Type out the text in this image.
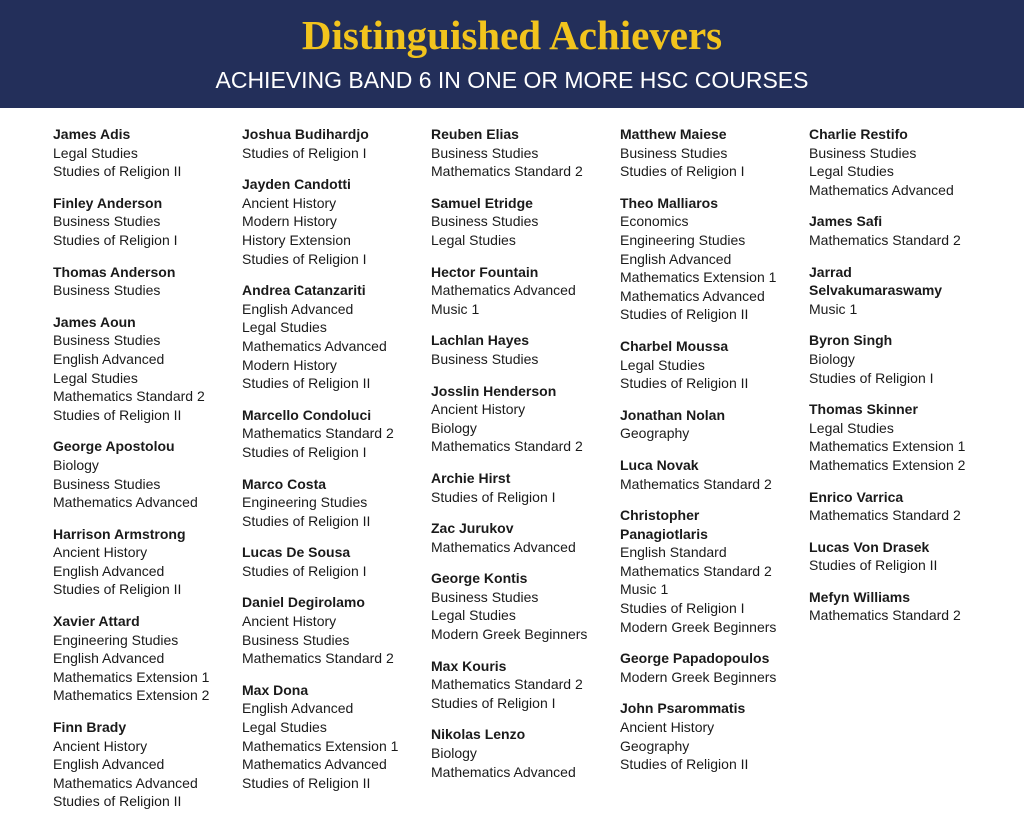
Distinguished Achievers
ACHIEVING BAND 6 IN ONE OR MORE HSC COURSES
James Adis
Legal Studies
Studies of Religion II
Finley Anderson
Business Studies
Studies of Religion I
Thomas Anderson
Business Studies
James Aoun
Business Studies
English Advanced
Legal Studies
Mathematics Standard 2
Studies of Religion II
George Apostolou
Biology
Business Studies
Mathematics Advanced
Harrison Armstrong
Ancient History
English Advanced
Studies of Religion II
Xavier Attard
Engineering Studies
English Advanced
Mathematics Extension 1
Mathematics Extension 2
Finn Brady
Ancient History
English Advanced
Mathematics Advanced
Studies of Religion II
Joshua Budihardjo
Studies of Religion I
Jayden Candotti
Ancient History
Modern History
History Extension
Studies of Religion I
Andrea Catanzariti
English Advanced
Legal Studies
Mathematics Advanced
Modern History
Studies of Religion II
Marcello Condoluci
Mathematics Standard 2
Studies of Religion I
Marco Costa
Engineering Studies
Studies of Religion II
Lucas De Sousa
Studies of Religion I
Daniel Degirolamo
Ancient History
Business Studies
Mathematics Standard 2
Max Dona
English Advanced
Legal Studies
Mathematics Extension 1
Mathematics Advanced
Studies of Religion II
Reuben Elias
Business Studies
Mathematics Standard 2
Samuel Etridge
Business Studies
Legal Studies
Hector Fountain
Mathematics Advanced
Music 1
Lachlan Hayes
Business Studies
Josslin Henderson
Ancient History
Biology
Mathematics Standard 2
Archie Hirst
Studies of Religion I
Zac Jurukov
Mathematics Advanced
George Kontis
Business Studies
Legal Studies
Modern Greek Beginners
Max Kouris
Mathematics Standard 2
Studies of Religion I
Nikolas Lenzo
Biology
Mathematics Advanced
Matthew Maiese
Business Studies
Studies of Religion I
Theo Malliaros
Economics
Engineering Studies
English Advanced
Mathematics Extension 1
Mathematics Advanced
Studies of Religion II
Charbel Moussa
Legal Studies
Studies of Religion II
Jonathan Nolan
Geography
Luca Novak
Mathematics Standard 2
Christopher Panagiotlaris
English Standard
Mathematics Standard 2
Music 1
Studies of Religion I
Modern Greek Beginners
George Papadopoulos
Modern Greek Beginners
John Psarommatis
Ancient History
Geography
Studies of Religion II
Charlie Restifo
Business Studies
Legal Studies
Mathematics Advanced
James Safi
Mathematics Standard 2
Jarrad Selvakumaraswamy
Music 1
Byron Singh
Biology
Studies of Religion I
Thomas Skinner
Legal Studies
Mathematics Extension 1
Mathematics Extension 2
Enrico Varrica
Mathematics Standard 2
Lucas Von Drasek
Studies of Religion II
Mefyn Williams
Mathematics Standard 2
